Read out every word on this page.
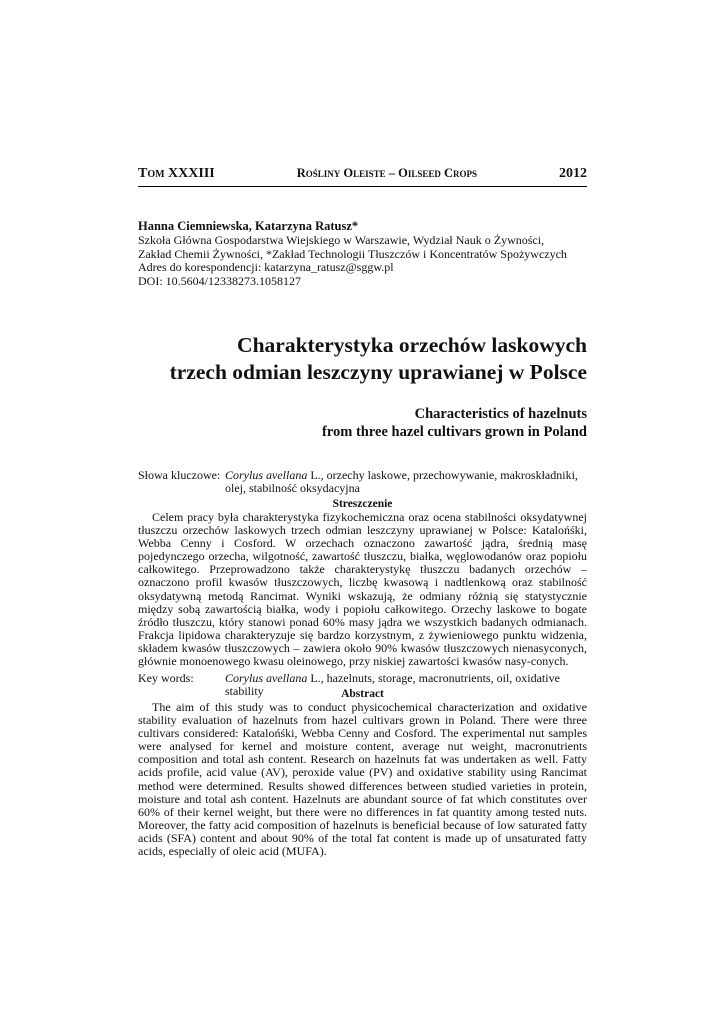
Tom XXXIII	Rośliny Oleiste – Oilseed Crops	2012
Hanna Ciemniewska, Katarzyna Ratusz*
Szkoła Główna Gospodarstwa Wiejskiego w Warszawie, Wydział Nauk o Żywności,
Zakład Chemii Żywności, *Zakład Technologii Tłuszczów i Koncentratów Spożywczych
Adres do korespondencji: katarzyna_ratusz@sggw.pl
DOI: 10.5604/12338273.1058127
Charakterystyka orzechów laskowych
trzech odmian leszczyny uprawianej w Polsce
Characteristics of hazelnuts
from three hazel cultivars grown in Poland
Słowa kluczowe: Corylus avellana L., orzechy laskowe, przechowywanie, makroskładniki, olej, stabilność oksydacyjna
Streszczenie
Celem pracy była charakterystyka fizykochemiczna oraz ocena stabilności oksydatywnej tłuszczu orzechów laskowych trzech odmian leszczyny uprawianej w Polsce: Katalońśki, Webba Cenny i Cosford. W orzechach oznaczono zawartość jądra, średnią masę pojedynczego orzecha, wilgotność, zawartość tłuszczu, białka, węglowodanów oraz popiołu całkowitego. Przeprowadzono także charakterystykę tłuszczu badanych orzechów – oznaczono profil kwasów tłuszczowych, liczbę kwasową i nadtlenkową oraz stabilność oksydatywną metodą Rancimat. Wyniki wskazują, że odmiany różnią się statystycznie między sobą zawartością białka, wody i popiołu całkowitego. Orzechy laskowe to bogate źródło tłuszczu, który stanowi ponad 60% masy jądra we wszystkich badanych odmianach. Frakcja lipidowa charakteryzuje się bardzo korzystnym, z żywieniowego punktu widzenia, składem kwasów tłuszczowych – zawiera około 90% kwasów tłuszczowych nienasyconych, głównie monoenowego kwasu oleinowego, przy niskiej zawartości kwasów nasy-conych.
Key words:	Corylus avellana L., hazelnuts, storage, macronutrients, oil, oxidative stability	Abstract
The aim of this study was to conduct physicochemical characterization and oxidative stability evaluation of hazelnuts from hazel cultivars grown in Poland. There were three cultivars considered: Katalońśki, Webba Cenny and Cosford. The experimental nut samples were analysed for kernel and moisture content, average nut weight, macronutrients composition and total ash content. Research on hazelnuts fat was undertaken as well. Fatty acids profile, acid value (AV), peroxide value (PV) and oxidative stability using Rancimat method were determined. Results showed differences between studied varieties in protein, moisture and total ash content. Hazelnuts are abundant source of fat which constitutes over 60% of their kernel weight, but there were no differences in fat quantity among tested nuts. Moreover, the fatty acid composition of hazelnuts is beneficial because of low saturated fatty acids (SFA) content and about 90% of the total fat content is made up of unsaturated fatty acids, especially of oleic acid (MUFA).
